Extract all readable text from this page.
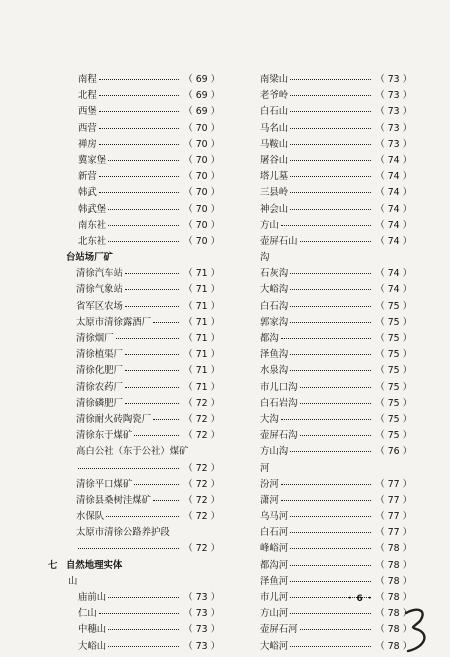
南程	（ 69 ）
北程	（ 69 ）
西堡	（ 69 ）
西营	（ 70 ）
禅房	（ 70 ）
冀家堡	（ 70 ）
新营	（ 70 ）
韩武	（ 70 ）
韩武堡	（ 70 ）
南东社	（ 70 ）
北东社	（ 70 ）
台站场厂矿
清徐汽车站	（ 71 ）
清徐气象站	（ 71 ）
省军区农场	（ 71 ）
太原市清徐露酒厂	（ 71 ）
清徐烟厂	（ 71 ）
清徐植渠厂	（ 71 ）
清徐化肥厂	（ 71 ）
清徐农药厂	（ 71 ）
清徐磷肥厂	（ 72 ）
清徐耐火砖陶瓷厂	（ 72 ）
清徐东于煤矿	（ 72 ）
高白公社（东于公社）煤矿
（ 72 ）
清徐平口煤矿	（ 72 ）
清徐县桑树洼煤矿	（ 72 ）
水保队	（ 72 ）
太原市清徐公路养护段
（ 72 ）
七 自然地理实体
山
庙前山	（ 73 ）
仁山	（ 73 ）
中穗山	（ 73 ）
大峪山	（ 73 ）
南梁山	（ 73 ）
老爷岭	（ 73 ）
白石山	（ 73 ）
马名山	（ 73 ）
马鞍山	（ 73 ）
屠谷山	（ 74 ）
塔儿墓	（ 74 ）
三县岭	（ 74 ）
神会山	（ 74 ）
方山	（ 74 ）
壶屏石山	（ 74 ）
沟
石灰沟	（ 74 ）
大峪沟	（ 74 ）
白石沟	（ 75 ）
郭家沟	（ 75 ）
都沟	（ 75 ）
泽鱼沟	（ 75 ）
水泉沟	（ 75 ）
市儿口沟	（ 75 ）
白石岩沟	（ 75 ）
大沟	（ 75 ）
壶屏石沟	（ 75 ）
方山沟	（ 76 ）
河
汾河	（ 77 ）
潇河	（ 77 ）
乌马河	（ 77 ）
白石河	（ 77 ）
峰峪河	（ 78 ）
都沟河	（ 78 ）
泽鱼河	（ 78 ）
市儿河	（ 78 ）
方山河	（ 78 ）
壶屏石河	（ 78 ）
大峪河	（ 78 ）
· 6 ·
